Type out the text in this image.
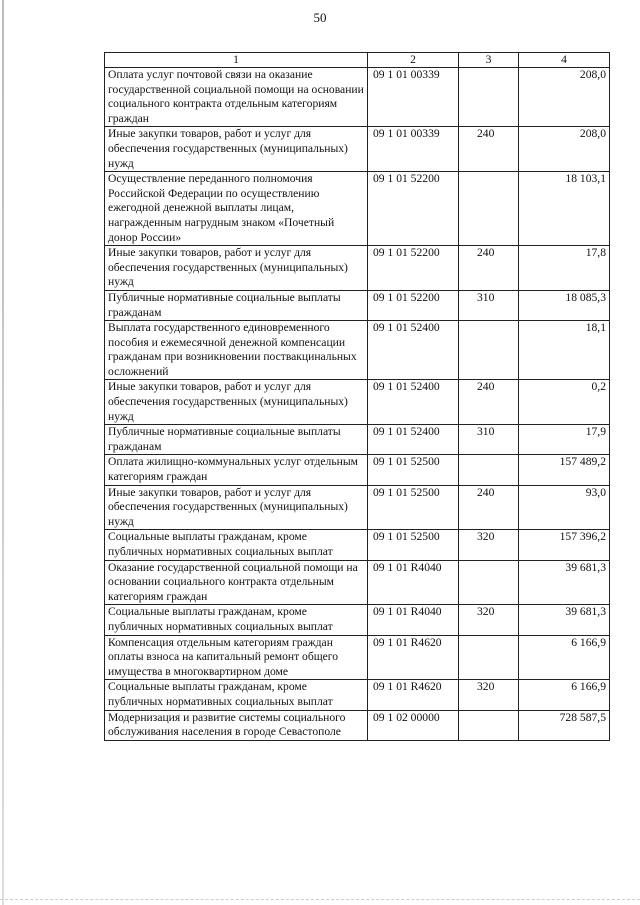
50
1	2	3	4
Оплата услуг почтовой связи на оказание государственной социальной помощи на основании социального контракта отдельным категориям граждан	09 1 01 00339		208,0
Иные закупки товаров, работ и услуг для обеспечения государственных (муниципальных) нужд	09 1 01 00339	240	208,0
Осуществление переданного полномочия Российской Федерации по осуществлению ежегодной денежной выплаты лицам, награжденным нагрудным знаком «Почетный донор России»	09 1 01 52200		18 103,1
Иные закупки товаров, работ и услуг для обеспечения государственных (муниципальных) нужд	09 1 01 52200	240	17,8
Публичные нормативные социальные выплаты гражданам	09 1 01 52200	310	18 085,3
Выплата государственного единовременного пособия и ежемесячной денежной компенсации гражданам при возникновении поствакцинальных осложнений	09 1 01 52400		18,1
Иные закупки товаров, работ и услуг для обеспечения государственных (муниципальных) нужд	09 1 01 52400	240	0,2
Публичные нормативные социальные выплаты гражданам	09 1 01 52400	310	17,9
Оплата жилищно-коммунальных услуг отдельным категориям граждан	09 1 01 52500		157 489,2
Иные закупки товаров, работ и услуг для обеспечения государственных (муниципальных) нужд	09 1 01 52500	240	93,0
Социальные выплаты гражданам, кроме публичных нормативных социальных выплат	09 1 01 52500	320	157 396,2
Оказание государственной социальной помощи на основании социального контракта отдельным категориям граждан	09 1 01 R4040		39 681,3
Социальные выплаты гражданам, кроме публичных нормативных социальных выплат	09 1 01 R4040	320	39 681,3
Компенсация отдельным категориям граждан оплаты взноса на капитальный ремонт общего имущества в многоквартирном доме	09 1 01 R4620		6 166,9
Социальные выплаты гражданам, кроме публичных нормативных социальных выплат	09 1 01 R4620	320	6 166,9
Модернизация и развитие системы социального обслуживания населения в городе Севастополе	09 1 02 00000		728 587,5
